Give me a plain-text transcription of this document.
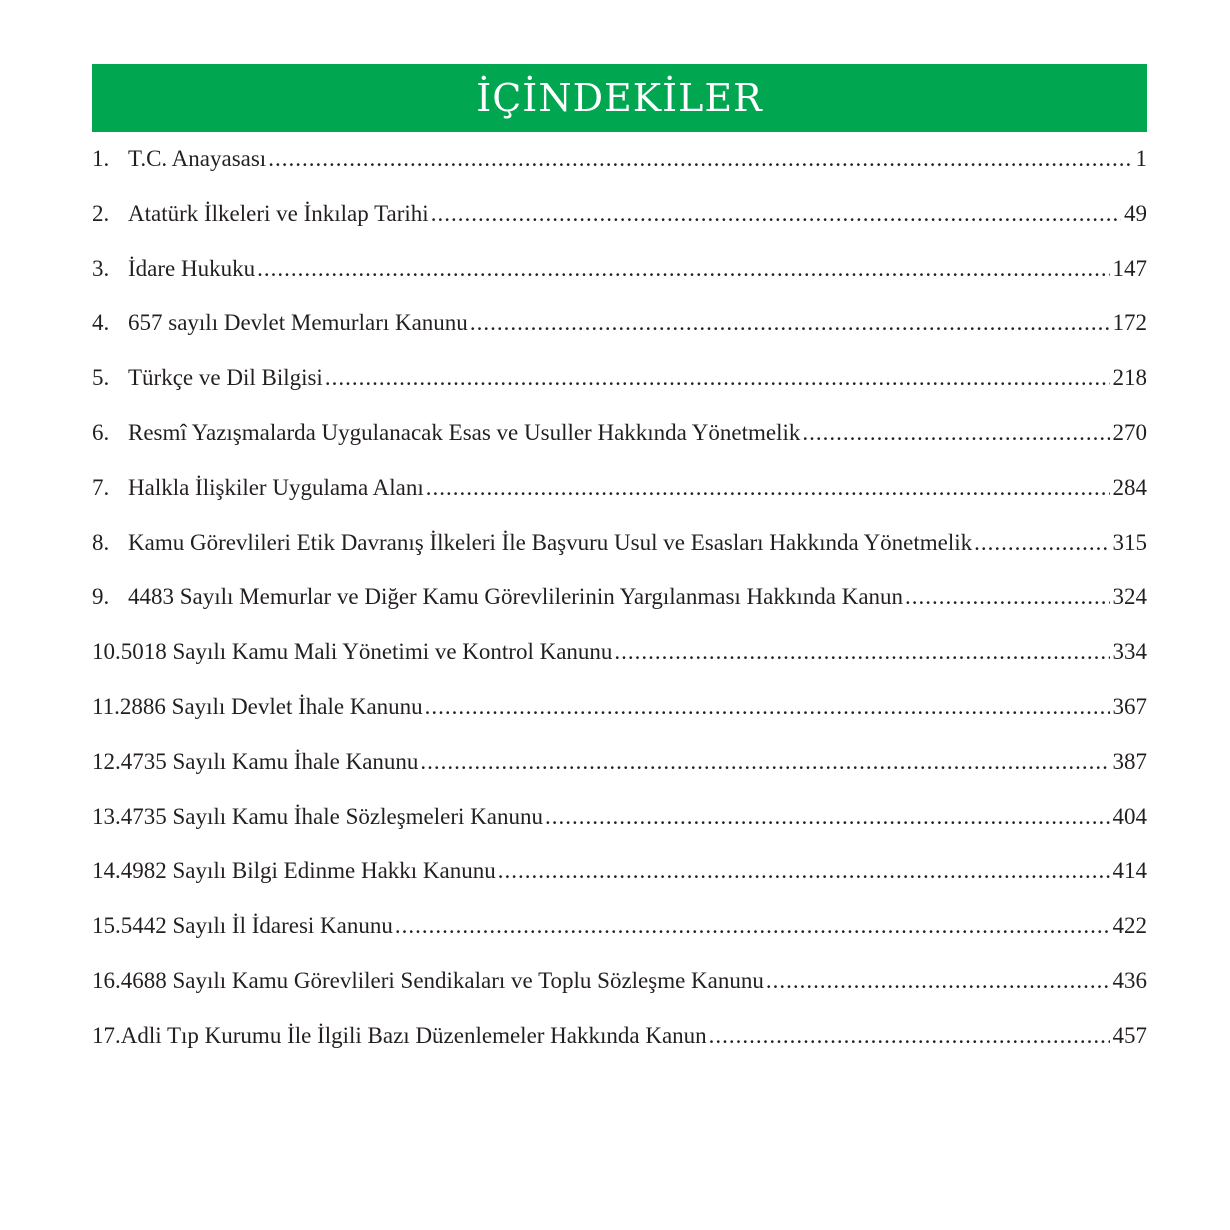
İÇİNDEKİLER
1. T.C. Anayasası .....	1
2. Atatürk İlkeleri ve İnkılap Tarihi .....	49
3. İdare Hukuku .....	147
4. 657 sayılı Devlet Memurları Kanunu .....	172
5. Türkçe ve Dil Bilgisi .....	218
6. Resmî Yazışmalarda Uygulanacak Esas ve Usuller Hakkında Yönetmelik .....	270
7. Halkla İlişkiler Uygulama Alanı .....	284
8. Kamu Görevlileri Etik Davranış İlkeleri İle Başvuru Usul ve Esasları Hakkında Yönetmelik .....	315
9. 4483 Sayılı Memurlar ve Diğer Kamu Görevlilerinin Yargılanması Hakkında Kanun .....	324
10. 5018 Sayılı Kamu Mali Yönetimi ve Kontrol Kanunu .....	334
11. 2886 Sayılı Devlet İhale Kanunu .....	367
12. 4735 Sayılı Kamu İhale Kanunu .....	387
13. 4735 Sayılı Kamu İhale Sözleşmeleri Kanunu .....	404
14. 4982 Sayılı Bilgi Edinme Hakkı Kanunu .....	414
15. 5442 Sayılı İl İdaresi Kanunu .....	422
16. 4688 Sayılı Kamu Görevlileri Sendikaları ve Toplu Sözleşme Kanunu .....	436
17. Adli Tıp Kurumu İle İlgili Bazı Düzenlemeler Hakkında Kanun .....	457
